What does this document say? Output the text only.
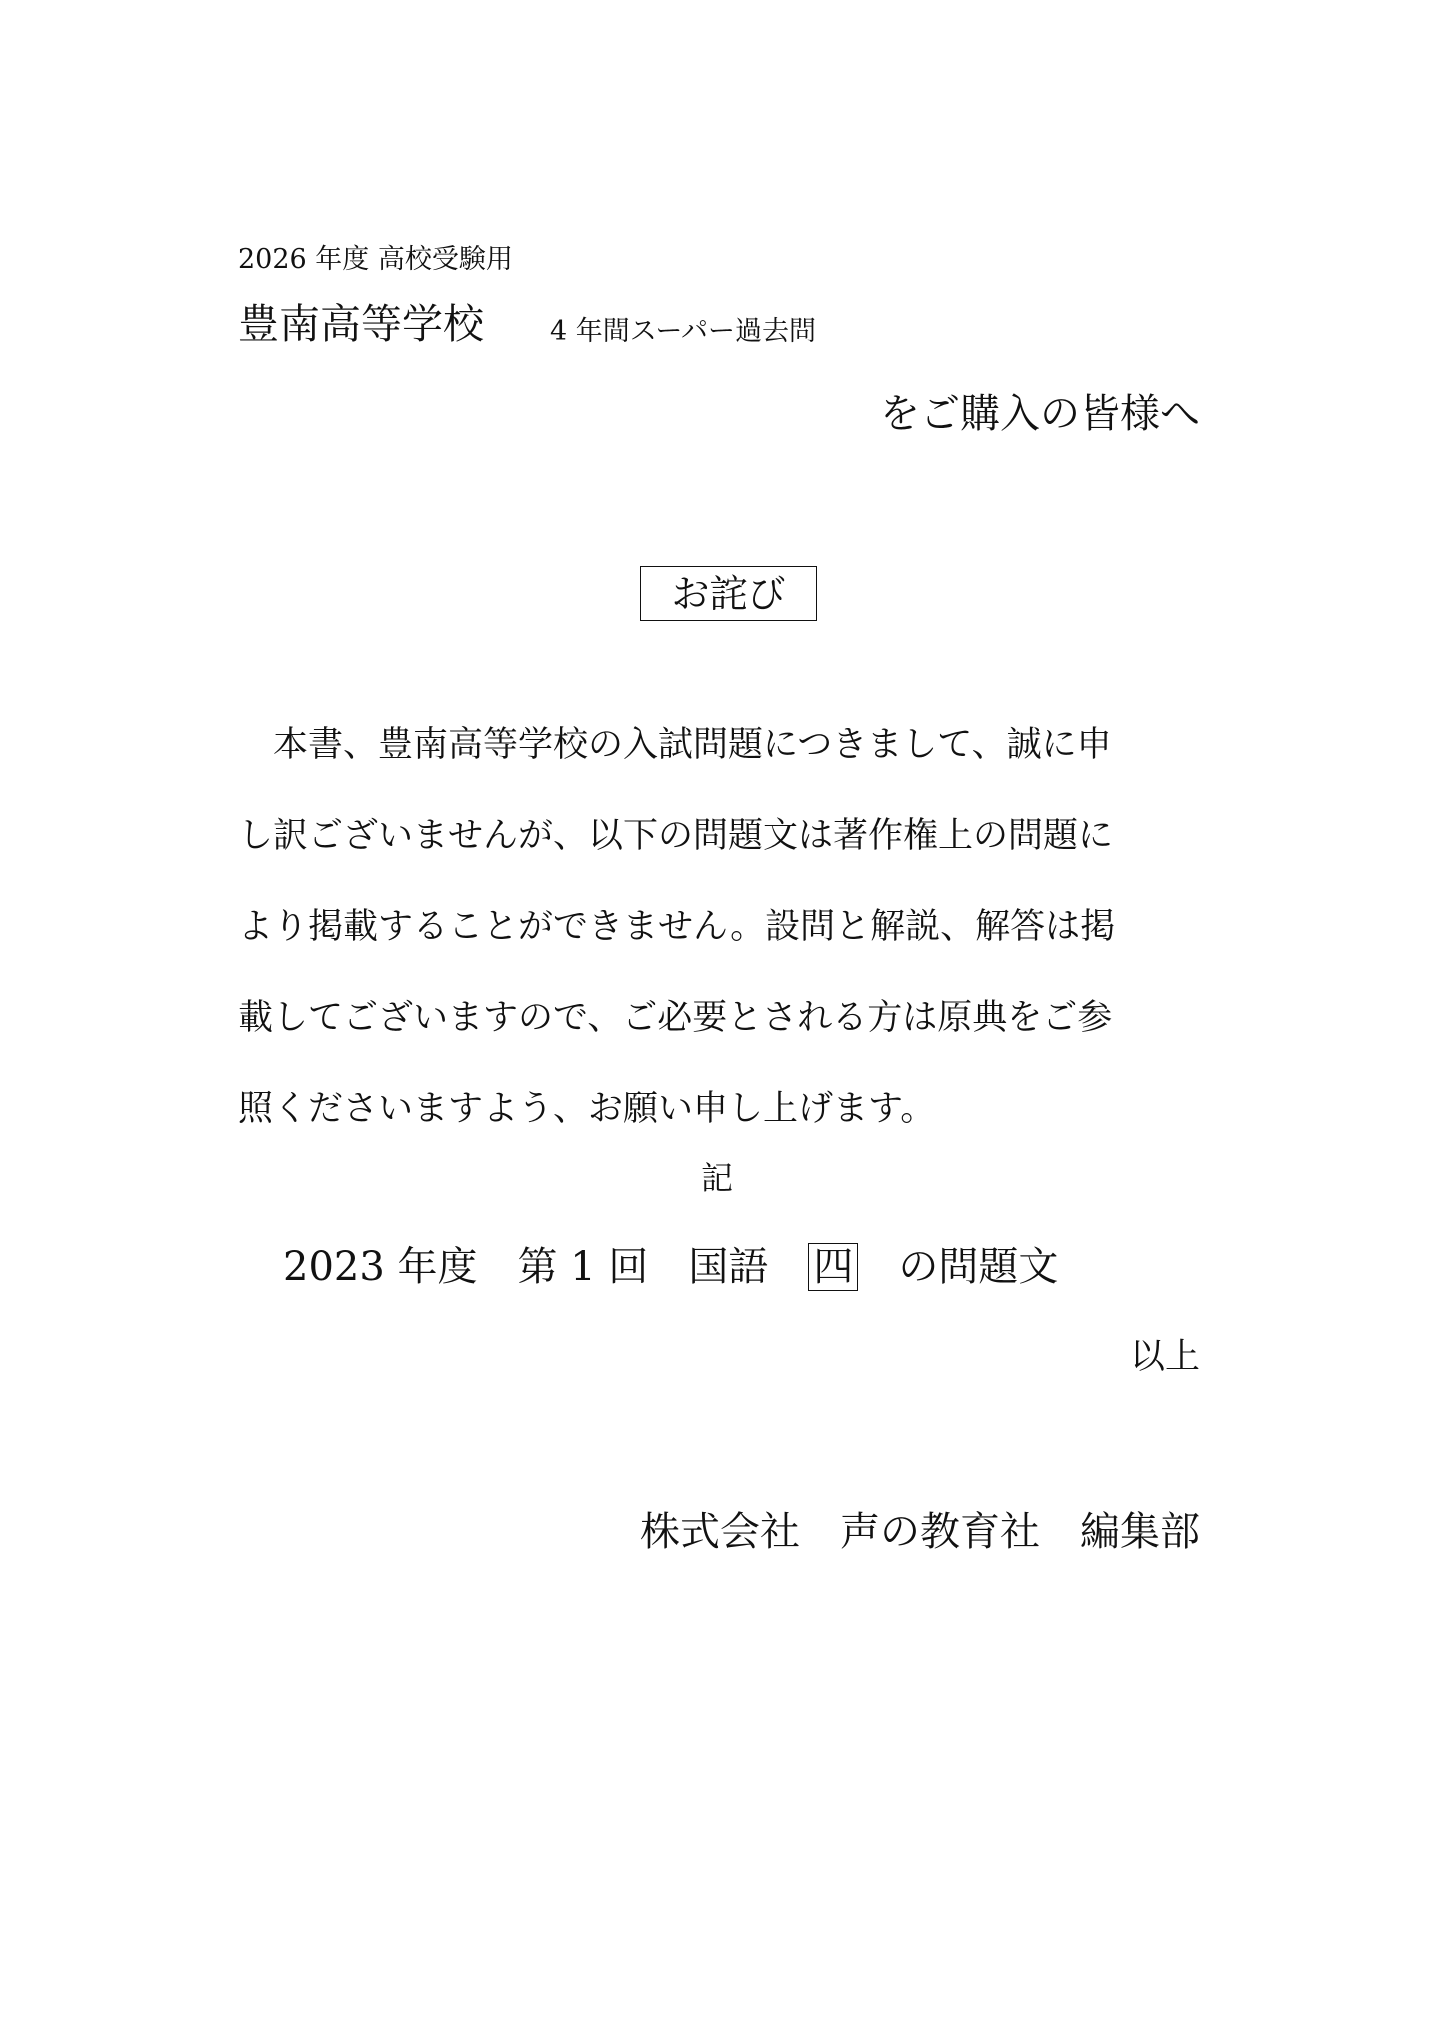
2026 年度 高校受験用
豊南高等学校 4 年間スーパー過去問
をご購入の皆様へ
お詫び
　本書、豊南高等学校の入試問題につきまして、誠に申
し訳ございませんが、以下の問題文は著作権上の問題に
より掲載することができません。設問と解説、解答は掲
載してございますので、ご必要とされる方は原典をご参
照くださいますよう、お願い申し上げます。
記
2023 年度 第 1 回 国語 四 の問題文
以上
株式会社 声の教育社 編集部
